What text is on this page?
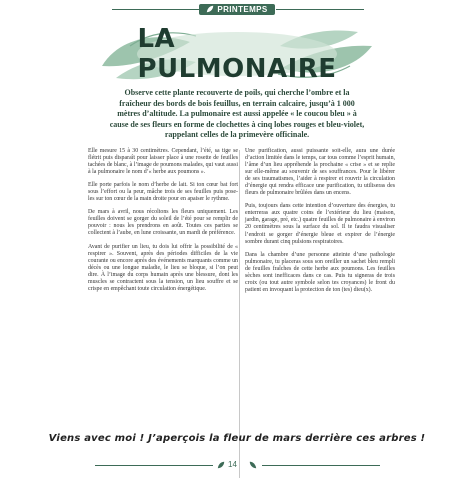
PRINTEMPS
LA PULMONAIRE
Observe cette plante recouverte de poils, qui cherche l’ombre et la fraîcheur des bords de bois feuillus, en terrain calcaire, jusqu’à 1 000 mètres d’altitude. La pulmonaire est aussi appelée « le coucou bleu » à cause de ses fleurs en forme de clochettes à cinq lobes rouges et bleu-violet, rappelant celles de la primevère officinale.

Elle mesure 15 à 30 centimètres. Cependant, l’été, sa tige se flétrit puis disparaît pour laisser place à une rosette de feuilles tachées de blanc, à l’image de poumons malades, qui vaut aussi à la pulmonaire le nom d’« herbe aux poumons ».

Elle porte parfois le nom d’herbe de lait. Si ton cœur bat fort sous l’effort ou la peur, mâche trois de ses feuilles puis pose-les sur ton cœur de la main droite pour en apaiser le rythme.

De mars à avril, nous récoltons les fleurs uniquement. Les feuilles doivent se gorger du soleil de l’été pour se remplir de pouvoir : nous les prendrons en août. Toutes ces parties se collectent à l’aube, en lune croissante, un mardi de préférence.

Avant de purifier un lieu, tu dois lui offrir la possibilité de « respirer ». Souvent, après des périodes difficiles de la vie courante ou encore après des événements marquants comme un décès ou une longue maladie, le lieu se bloque, si l’on peut dire. À l’image du corps humain après une blessure, dont les muscles se contractent sous la tension, un lieu souffre et se crispe en empêchant toute circulation énergétique.

Une purification, aussi puissante soit-elle, aura une durée d’action limitée dans le temps, car tous comme l’esprit humain, l’âme d’un lieu appréhende la prochaine « crise » et se replie sur elle-même au souvenir de ses souffrances. Pour le libérer de ses traumatismes, l’aider à respirer et rouvrir la circulation d’énergie qui rendra efficace une purification, tu utiliseras des fleurs de pulmonaire brûlées dans un encens.

Puis, toujours dans cette intention d’ouverture des énergies, tu enterreras aux quatre coins de l’extérieur du lieu (maison, jardin, garage, pré, etc.) quatre feuilles de pulmonaire à environ 20 centimètres sous la surface du sol. Il te faudra visualiser l’endroit se gorger d’énergie bleue et expirer de l’énergie sombre durant cinq pulsions respiratoires.

Dans la chambre d’une personne atteinte d’une pathologie pulmonaire, tu placeras sous son oreiller un sachet bleu rempli de feuilles fraîches de cette herbe aux poumons. Les feuilles sèches sont inefficaces dans ce cas. Puis tu signeras de trois croix (ou tout autre symbole selon tes croyances) le front du patient en invoquant la protection de ton (tes) dieu(x).

Viens avec moi ! J’aperçois la fleur de mars derrière ces arbres !
14
